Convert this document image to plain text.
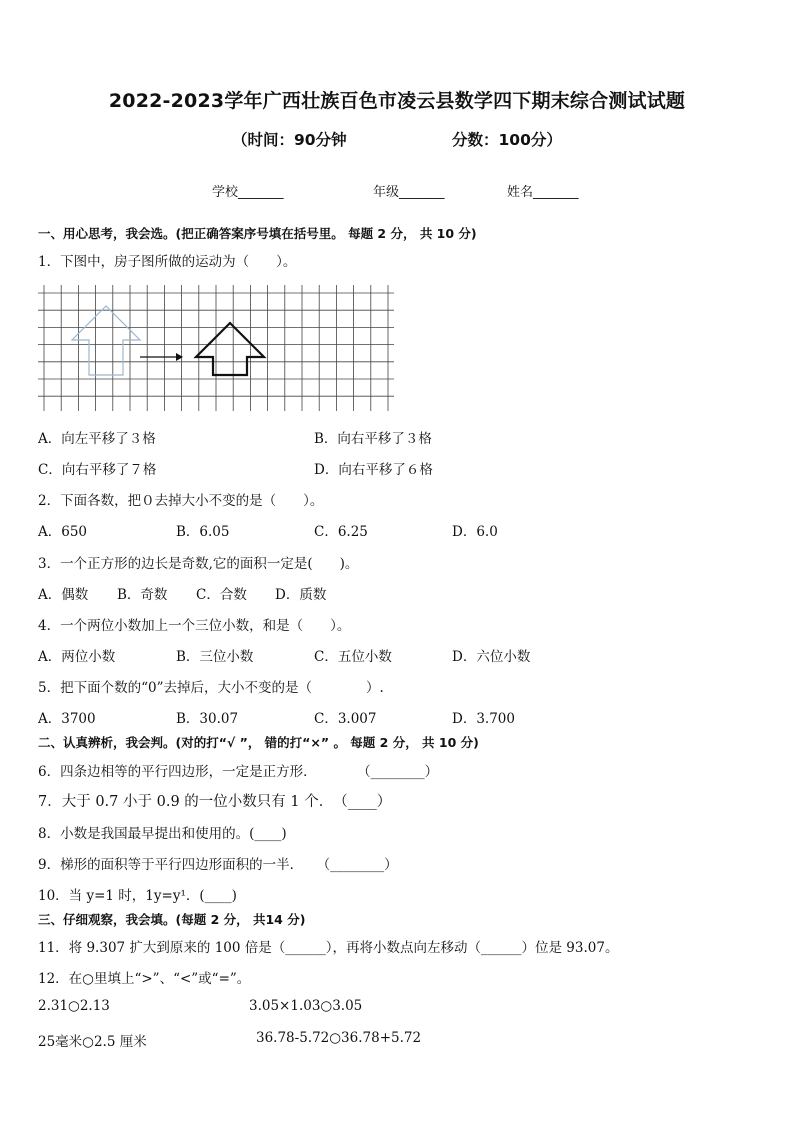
2022-2023学年广西壮族百色市凌云县数学四下期末综合测试试题
（时间：90分钟	分数：100分）
学校_______	年级_______	姓名_______
一、用心思考，我会选。(把正确答案序号填在括号里。 每题 2 分， 共 10 分)
1．下图中，房子图所做的运动为（　　）。
A．向左平移了３格	B．向右平移了３格
C．向右平移了７格	D．向右平移了６格
2．下面各数，把０去掉大小不变的是（　　）。
A．650	B．6.05	C．6.25	D．6.0
3．一个正方形的边长是奇数,它的面积一定是(　　)。
A．偶数 B．奇数 C．合数 D．质数
4．一个两位小数加上一个三位小数，和是（　　）。
A．两位小数	B．三位小数	C．五位小数	D．六位小数
5．把下面个数的“0”去掉后，大小不变的是（　　　　）.
A．3700	B．30.07	C．3.007	D．3.700
二、认真辨析，我会判。(对的打“√ ”， 错的打“×” 。 每题 2 分， 共 10 分)
6．四条边相等的平行四边形，一定是正方形．　　　　（________）
7．大于 0.7 小于 0.9 的一位小数只有 1 个．　（____）
8．小数是我国最早提出和使用的。(____)
9．梯形的面积等于平行四边形面积的一半．　　（________）
10．当 y=1 时，1y=y¹．(____)
三、仔细观察，我会填。(每题 2 分， 共14 分)
11．将 9.307 扩大到原来的 100 倍是（______），再将小数点向左移动（______）位是 93.07。
12．在○里填上“>”、“<”或“=”。
2.31○2.13	3.05×1.03○3.05
25毫米○2.5 厘米	36.78-5.72○36.78+5.72
